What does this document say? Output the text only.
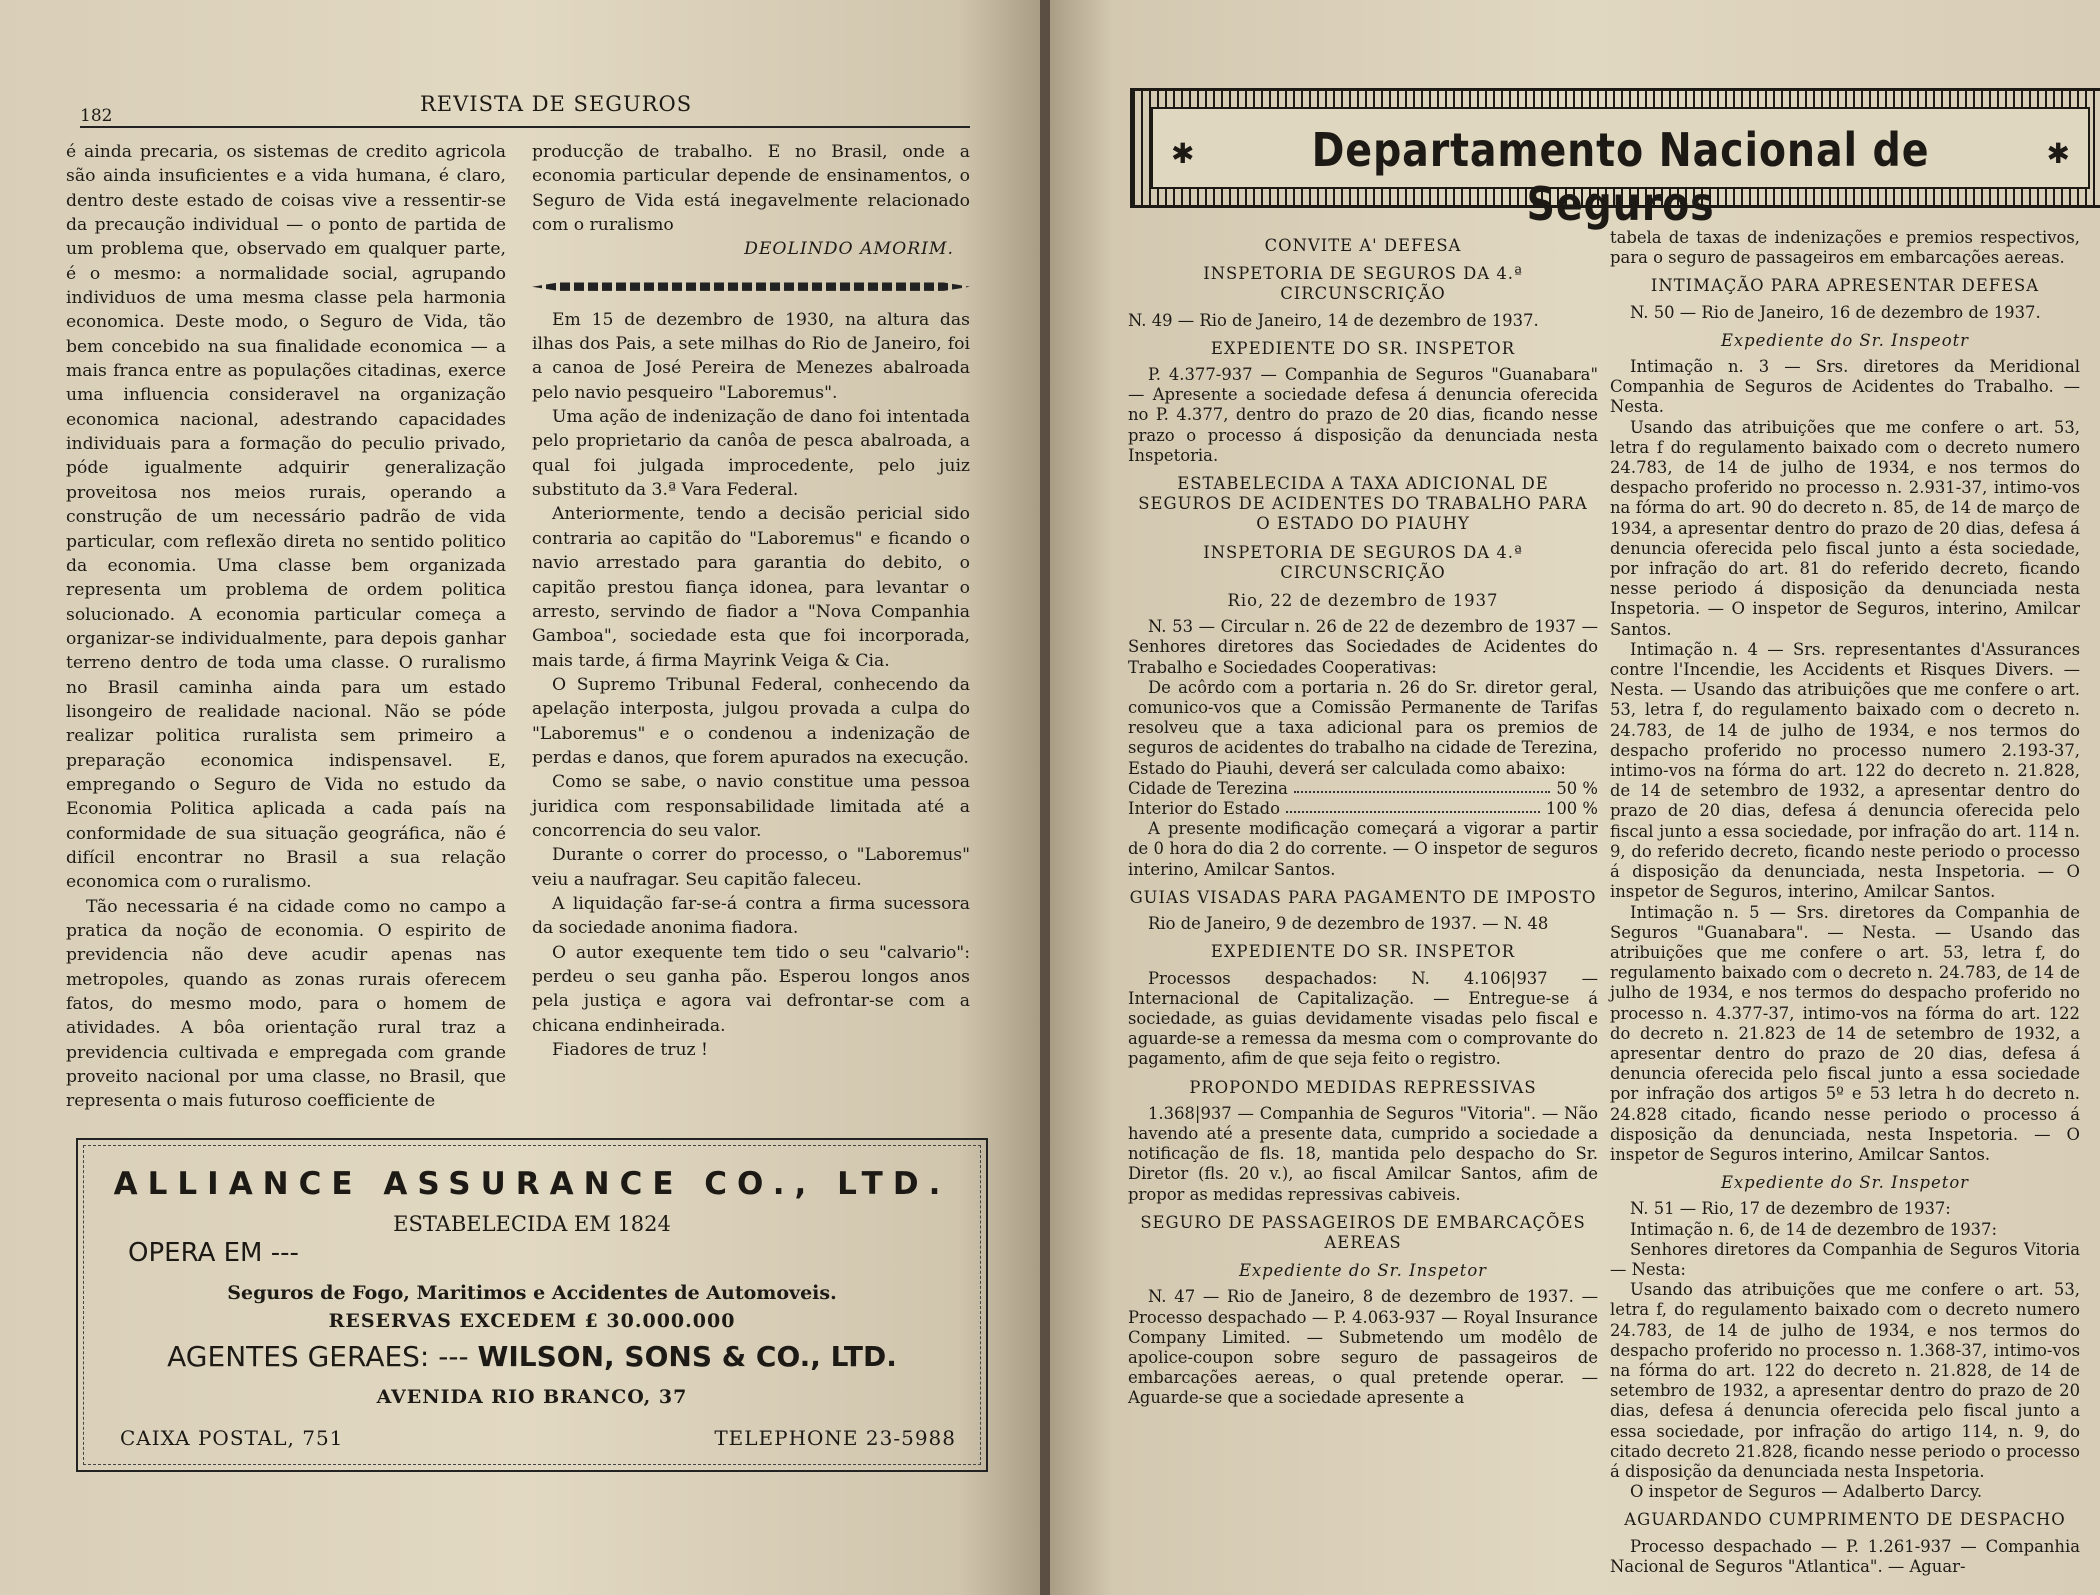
182	REVISTA DE SEGUROS

é ainda precaria, os sistemas de credito agricola são ainda insuficientes e a vida humana, é claro, dentro deste estado de coisas vive a ressentir-se da precaução individual — o ponto de partida de um problema que, observado em qualquer parte, é o mesmo: a normalidade social, agrupando individuos de uma mesma classe pela harmonia economica. Deste modo, o Seguro de Vida, tão bem concebido na sua finalidade economica — a mais franca entre as populações citadinas, exerce uma influencia consideravel na organização economica nacional, adestrando capacidades individuais para a formação do peculio privado, póde igualmente adquirir generalização proveitosa nos meios rurais, operando a construção de um necessário padrão de vida particular, com reflexão direta no sentido politico da economia. Uma classe bem organizada representa um problema de ordem politica solucionado. A economia particular começa a organizar-se individualmente, para depois ganhar terreno dentro de toda uma classe. O ruralismo no Brasil caminha ainda para um estado lisongeiro de realidade nacional. Não se póde realizar politica ruralista sem primeiro a preparação economica indispensavel. E, empregando o Seguro de Vida no estudo da Economia Politica aplicada a cada país na conformidade de sua situação geográfica, não é difícil encontrar no Brasil a sua relação economica com o ruralismo.

Tão necessaria é na cidade como no campo a pratica da noção de economia. O espirito de previdencia não deve acudir apenas nas metropoles, quando as zonas rurais oferecem fatos, do mesmo modo, para o homem de atividades. A bôa orientação rural traz a previdencia cultivada e empregada com grande proveito nacional por uma classe, no Brasil, que representa o mais futuroso coefficiente de

producção de trabalho. E no Brasil, onde a economia particular depende de ensinamentos, o Seguro de Vida está inegavelmente relacionado com o ruralismo

DEOLINDO AMORIM.

Em 15 de dezembro de 1930, na altura das ilhas dos Pais, a sete milhas do Rio de Janeiro, foi a canoa de José Pereira de Menezes abalroada pelo navio pesqueiro "Laboremus".

Uma ação de indenização de dano foi intentada pelo proprietario da canôa de pesca abalroada, a qual foi julgada improcedente, pelo juiz substituto da 3.ª Vara Federal.

Anteriormente, tendo a decisão pericial sido contraria ao capitão do "Laboremus" e ficando o navio arrestado para garantia do debito, o capitão prestou fiança idonea, para levantar o arresto, servindo de fiador a "Nova Companhia Gamboa", sociedade esta que foi incorporada, mais tarde, á firma Mayrink Veiga & Cia.

O Supremo Tribunal Federal, conhecendo da apelação interposta, julgou provada a culpa do "Laboremus" e o condenou a indenização de perdas e danos, que forem apurados na execução.

Como se sabe, o navio constitue uma pessoa juridica com responsabilidade limitada até a concorrencia do seu valor.

Durante o correr do processo, o "Laboremus" veiu a naufragar. Seu capitão faleceu.

A liquidação far-se-á contra a firma sucessora da sociedade anonima fiadora.

O autor exequente tem tido o seu "calvario": perdeu o seu ganha pão. Esperou longos anos pela justiça e agora vai defrontar-se com a chicana endinheirada.

Fiadores de truz !

ALLIANCE ASSURANCE CO., LTD.
ESTABELECIDA EM 1824
OPERA EM ---
Seguros de Fogo, Maritimos e Accidentes de Automoveis.
RESERVAS EXCEDEM £ 30.000.000
AGENTES GERAES: --- WILSON, SONS & CO., LTD.
AVENIDA RIO BRANCO, 37
CAIXA POSTAL, 751	TELEPHONE 23-5988
✱	Departamento Nacional de Seguros
✱
CONVITE A' DEFESA
INSPETORIA DE SEGUROS DA 4.ª CIRCUNSCRIÇÃO

N. 49 — Rio de Janeiro, 14 de dezembro de 1937.

EXPEDIENTE DO SR. INSPETOR

P. 4.377-937 — Companhia de Seguros "Guanabara" — Apresente a sociedade defesa á denuncia oferecida no P. 4.377, dentro do prazo de 20 dias, ficando nesse prazo o processo á disposição da denunciada nesta Inspetoria.

ESTABELECIDA A TAXA ADICIONAL DE SEGUROS DE ACIDENTES DO TRABALHO PARA O ESTADO DO PIAUHY
INSPETORIA DE SEGUROS DA 4.ª CIRCUNSCRIÇÃO
Rio, 22 de dezembro de 1937

N. 53 — Circular n. 26 de 22 de dezembro de 1937 — Senhores diretores das Sociedades de Acidentes do Trabalho e Sociedades Cooperativas:

De acôrdo com a portaria n. 26 do Sr. diretor geral, comunico-vos que a Comissão Permanente de Tarifas resolveu que a taxa adicional para os premios de seguros de acidentes do trabalho na cidade de Terezina, Estado do Piauhi, deverá ser calculada como abaixo:

Cidade de Terezina	50 %
Interior do Estado	100 %

A presente modificação começará a vigorar a partir de 0 hora do dia 2 do corrente. — O inspetor de seguros interino, Amilcar Santos.

GUIAS VISADAS PARA PAGAMENTO DE IMPOSTO

Rio de Janeiro, 9 de dezembro de 1937. — N. 48

EXPEDIENTE DO SR. INSPETOR

Processos despachados: N. 4.106|937 — Internacional de Capitalização. — Entregue-se á sociedade, as guias devidamente visadas pelo fiscal e aguarde-se a remessa da mesma com o comprovante do pagamento, afim de que seja feito o registro.

PROPONDO MEDIDAS REPRESSIVAS

1.368|937 — Companhia de Seguros "Vitoria". — Não havendo até a presente data, cumprido a sociedade a notificação de fls. 18, mantida pelo despacho do Sr. Diretor (fls. 20 v.), ao fiscal Amilcar Santos, afim de propor as medidas repressivas cabiveis.

SEGURO DE PASSAGEIROS DE EMBARCAÇÕES AEREAS
Expediente do Sr. Inspetor

N. 47 — Rio de Janeiro, 8 de dezembro de 1937. — Processo despachado — P. 4.063-937 — Royal Insurance Company Limited. — Submetendo um modêlo de apolice-coupon sobre seguro de passageiros de embarcações aereas, o qual pretende operar. — Aguarde-se que a sociedade apresente a

tabela de taxas de indenizações e premios respectivos, para o seguro de passageiros em embarcações aereas.

INTIMAÇÃO PARA APRESENTAR DEFESA

N. 50 — Rio de Janeiro, 16 de dezembro de 1937.

Expediente do Sr. Inspeotr

Intimação n. 3 — Srs. diretores da Meridional Companhia de Seguros de Acidentes do Trabalho. — Nesta.

Usando das atribuições que me confere o art. 53, letra f do regulamento baixado com o decreto numero 24.783, de 14 de julho de 1934, e nos termos do despacho proferido no processo n. 2.931-37, intimo-vos na fórma do art. 90 do decreto n. 85, de 14 de março de 1934, a apresentar dentro do prazo de 20 dias, defesa á denuncia oferecida pelo fiscal junto a ésta sociedade, por infração do art. 81 do referido decreto, ficando nesse periodo á disposição da denunciada nesta Inspetoria. — O inspetor de Seguros, interino, Amilcar Santos.

Intimação n. 4 — Srs. representantes d'Assurances contre l'Incendie, les Accidents et Risques Divers. — Nesta. — Usando das atribuições que me confere o art. 53, letra f, do regulamento baixado com o decreto n. 24.783, de 14 de julho de 1934, e nos termos do despacho proferido no processo numero 2.193-37, intimo-vos na fórma do art. 122 do decreto n. 21.828, de 14 de setembro de 1932, a apresentar dentro do prazo de 20 dias, defesa á denuncia oferecida pelo fiscal junto a essa sociedade, por infração do art. 114 n. 9, do referido decreto, ficando neste periodo o processo á disposição da denunciada, nesta Inspetoria. — O inspetor de Seguros, interino, Amilcar Santos.

Intimação n. 5 — Srs. diretores da Companhia de Seguros "Guanabara". — Nesta. — Usando das atribuições que me confere o art. 53, letra f, do regulamento baixado com o decreto n. 24.783, de 14 de julho de 1934, e nos termos do despacho proferido no processo n. 4.377-37, intimo-vos na fórma do art. 122 do decreto n. 21.823 de 14 de setembro de 1932, a apresentar dentro do prazo de 20 dias, defesa á denuncia oferecida pelo fiscal junto a essa sociedade por infração dos artigos 5º e 53 letra h do decreto n. 24.828 citado, ficando nesse periodo o processo á disposição da denunciada, nesta Inspetoria. — O inspetor de Seguros interino, Amilcar Santos.

Expediente do Sr. Inspetor

N. 51 — Rio, 17 de dezembro de 1937:

Intimação n. 6, de 14 de dezembro de 1937:

Senhores diretores da Companhia de Seguros Vitoria — Nesta:

Usando das atribuições que me confere o art. 53, letra f, do regulamento baixado com o decreto numero 24.783, de 14 de julho de 1934, e nos termos do despacho proferido no processo n. 1.368-37, intimo-vos na fórma do art. 122 do decreto n. 21.828, de 14 de setembro de 1932, a apresentar dentro do prazo de 20 dias, defesa á denuncia oferecida pelo fiscal junto a essa sociedade, por infração do artigo 114, n. 9, do citado decreto 21.828, ficando nesse periodo o processo á disposição da denunciada nesta Inspetoria.

O inspetor de Seguros — Adalberto Darcy.

AGUARDANDO CUMPRIMENTO DE DESPACHO

Processo despachado — P. 1.261-937 — Companhia Nacional de Seguros "Atlantica". — Aguar-
